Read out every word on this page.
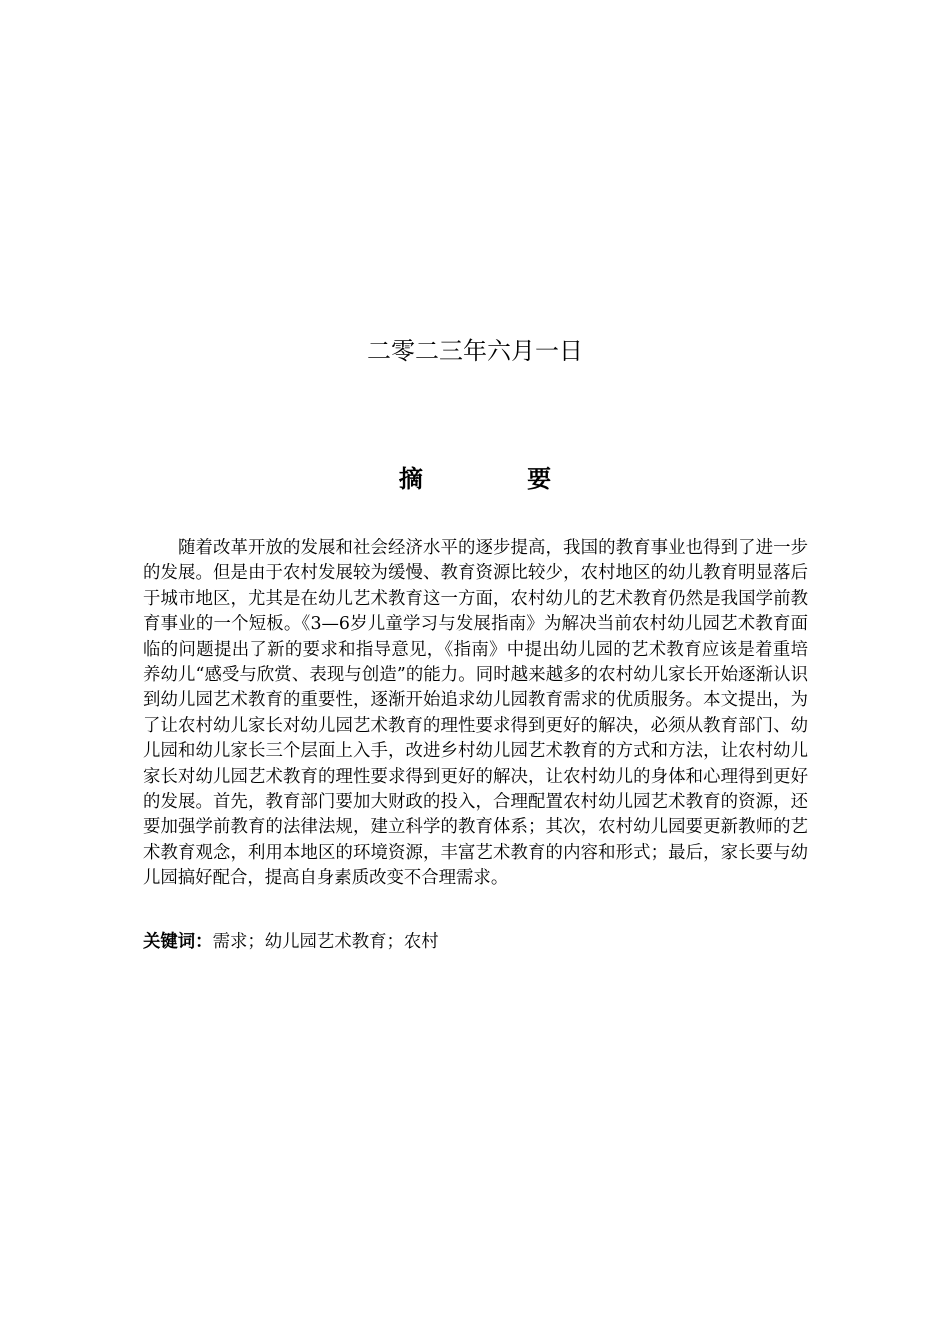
二零二三年六月一日
摘 要

随着改革开放的发展和社会经济水平的逐步提高，我国的教育事业也得到了进一步的发展。但是由于农村发展较为缓慢、教育资源比较少，农村地区的幼儿教育明显落后于城市地区，尤其是在幼儿艺术教育这一方面，农村幼儿的艺术教育仍然是我国学前教育事业的一个短板。《3—6岁儿童学习与发展指南》为解决当前农村幼儿园艺术教育面临的问题提出了新的要求和指导意见，《指南》中提出幼儿园的艺术教育应该是着重培养幼儿“感受与欣赏、表现与创造”的能力。同时越来越多的农村幼儿家长开始逐渐认识到幼儿园艺术教育的重要性，逐渐开始追求幼儿园教育需求的优质服务。本文提出，为了让农村幼儿家长对幼儿园艺术教育的理性要求得到更好的解决，必须从教育部门、幼儿园和幼儿家长三个层面上入手，改进乡村幼儿园艺术教育的方式和方法，让农村幼儿家长对幼儿园艺术教育的理性要求得到更好的解决，让农村幼儿的身体和心理得到更好的发展。首先，教育部门要加大财政的投入，合理配置农村幼儿园艺术教育的资源，还要加强学前教育的法律法规，建立科学的教育体系；其次，农村幼儿园要更新教师的艺术教育观念，利用本地区的环境资源，丰富艺术教育的内容和形式；最后，家长要与幼儿园搞好配合，提高自身素质改变不合理需求。

关键词：需求；幼儿园艺术教育；农村
